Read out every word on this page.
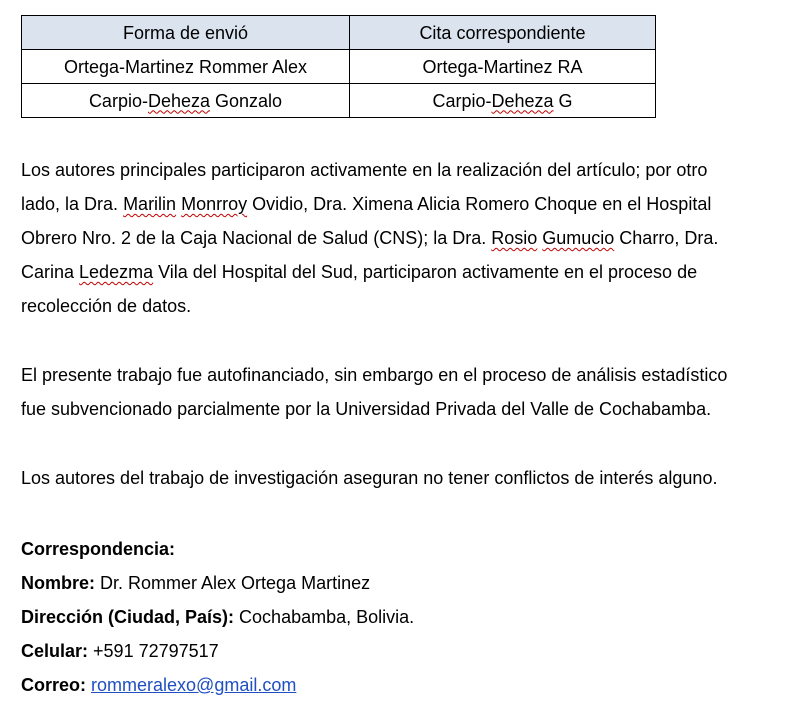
Forma de envió	Cita correspondiente
Ortega-Martinez Rommer Alex	Ortega-Martinez RA
Carpio-Deheza Gonzalo	Carpio-Deheza G
Los autores principales participaron activamente en la realización del artículo; por otro
lado, la Dra. Marilin Monrroy Ovidio, Dra. Ximena Alicia Romero Choque en el Hospital
Obrero Nro. 2 de la Caja Nacional de Salud (CNS); la Dra. Rosio Gumucio Charro, Dra.
Carina Ledezma Vila del Hospital del Sud, participaron activamente en el proceso de
recolección de datos.
El presente trabajo fue autofinanciado, sin embargo en el proceso de análisis estadístico
fue subvencionado parcialmente por la Universidad Privada del Valle de Cochabamba.
Los autores del trabajo de investigación aseguran no tener conflictos de interés alguno.
Correspondencia:
Nombre: Dr. Rommer Alex Ortega Martinez
Dirección (Ciudad, País): Cochabamba, Bolivia.
Celular: +591 72797517
Correo: rommeralexo@gmail.com
